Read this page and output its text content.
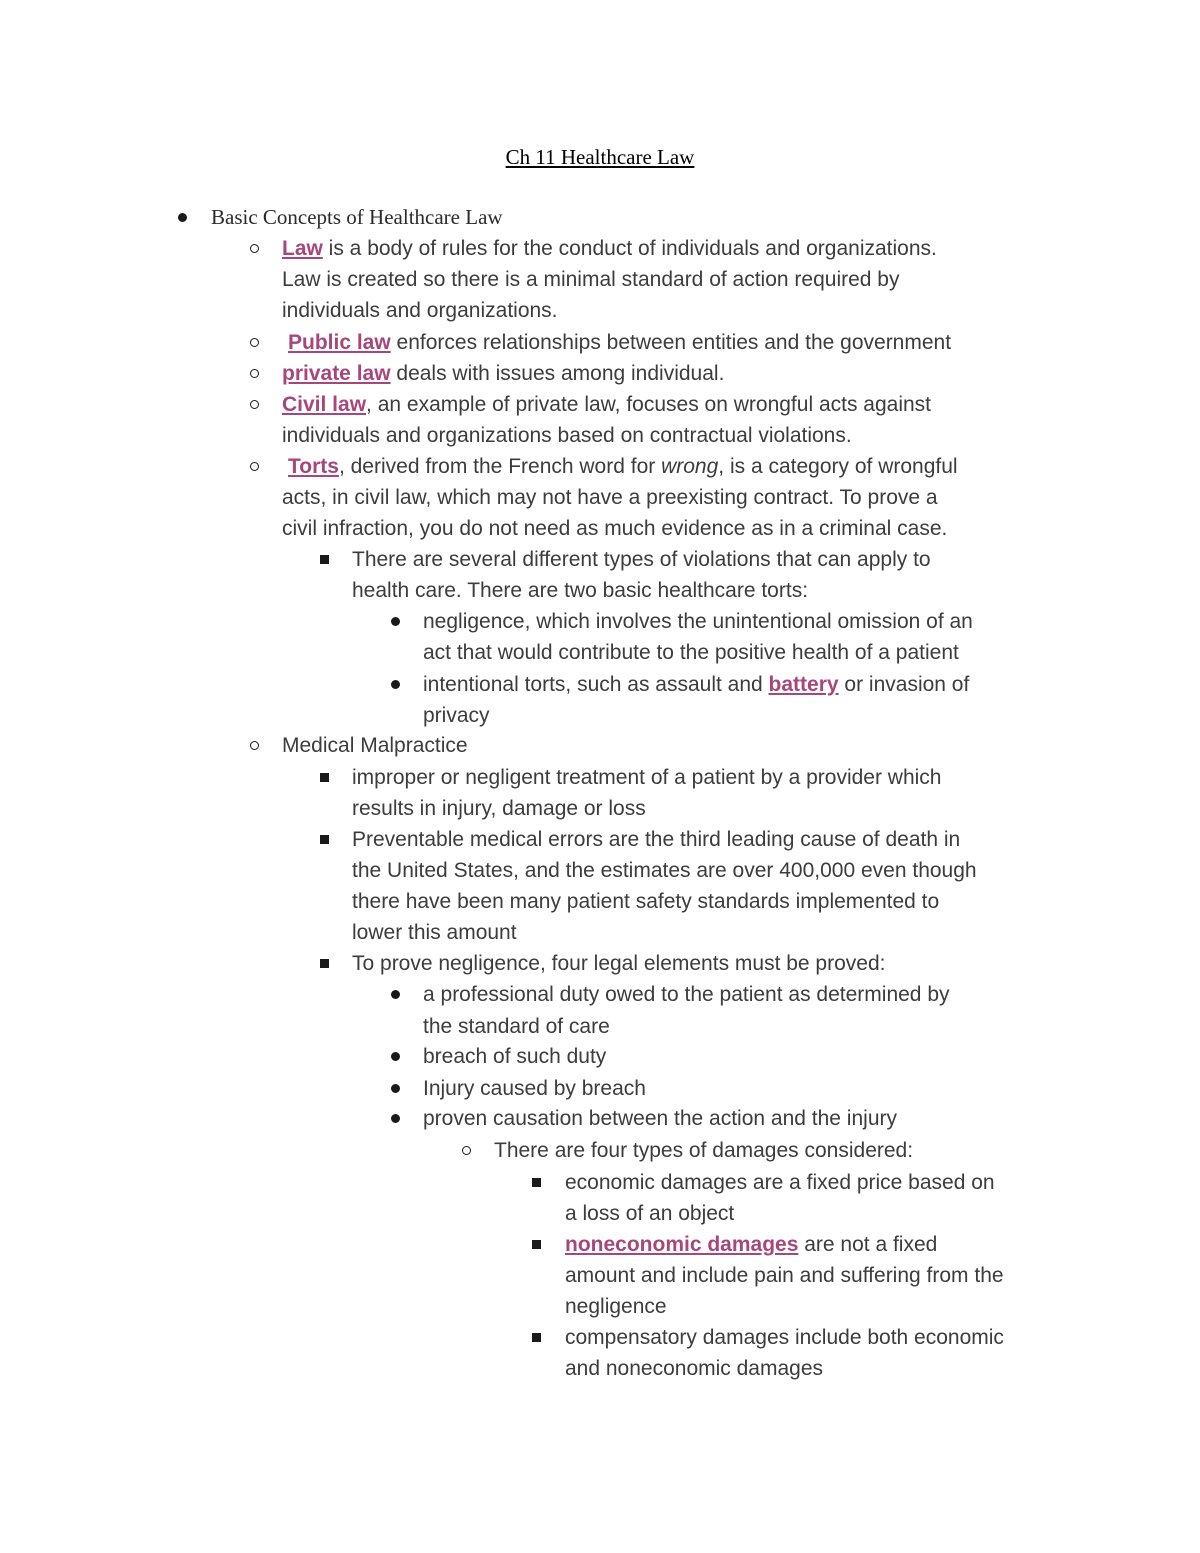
Ch 11 Healthcare Law
Basic Concepts of Healthcare Law
Law is a body of rules for the conduct of individuals and organizations.
Law is created so there is a minimal standard of action required by
individuals and organizations.
Public law enforces relationships between entities and the government
private law deals with issues among individual.
Civil law, an example of private law, focuses on wrongful acts against
individuals and organizations based on contractual violations.
Torts, derived from the French word for wrong, is a category of wrongful
acts, in civil law, which may not have a preexisting contract. To prove a
civil infraction, you do not need as much evidence as in a criminal case.
There are several different types of violations that can apply to
health care. There are two basic healthcare torts:
negligence, which involves the unintentional omission of an
act that would contribute to the positive health of a patient
intentional torts, such as assault and battery or invasion of
privacy
Medical Malpractice
improper or negligent treatment of a patient by a provider which
results in injury, damage or loss
Preventable medical errors are the third leading cause of death in
the United States, and the estimates are over 400,000 even though
there have been many patient safety standards implemented to
lower this amount
To prove negligence, four legal elements must be proved:
a professional duty owed to the patient as determined by
the standard of care
breach of such duty
Injury caused by breach
proven causation between the action and the injury
There are four types of damages considered:
economic damages are a fixed price based on
a loss of an object
noneconomic damages are not a fixed
amount and include pain and suffering from the
negligence
compensatory damages include both economic
and noneconomic damages
